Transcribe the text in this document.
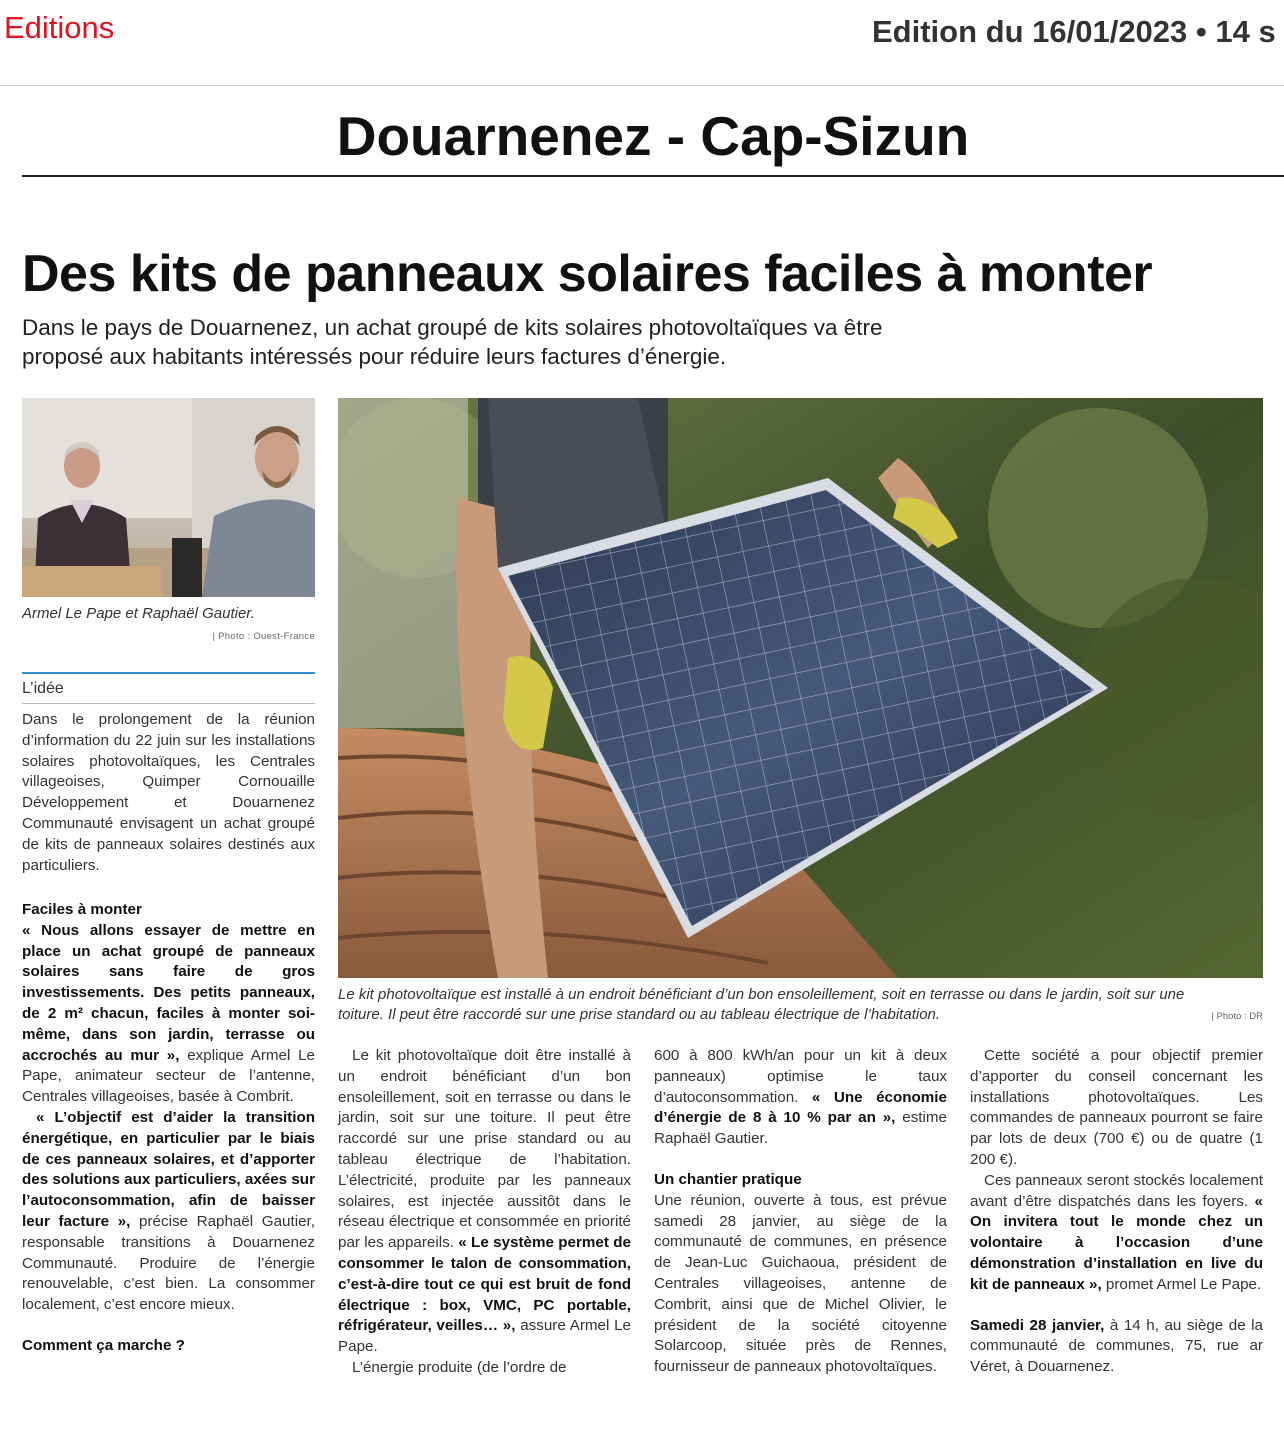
Editions	Edition du 16/01/2023 • 14 s
Douarnenez - Cap-Sizun
Des kits de panneaux solaires faciles à monter
Dans le pays de Douarnenez, un achat groupé de kits solaires photovoltaïques va être proposé aux habitants intéressés pour réduire leurs factures d’énergie.
Armel Le Pape et Raphaël Gautier.
| Photo : Ouest-France
L’idée

Dans le prolongement de la réunion d’information du 22 juin sur les installations solaires photovoltaïques, les Centrales villageoises, Quimper Cornouaille Développement et Douarnenez Communauté envisagent un achat groupé de kits de panneaux solaires destinés aux particuliers.

Faciles à monter

« Nous allons essayer de mettre en place un achat groupé de panneaux solaires sans faire de gros investissements. Des petits panneaux, de 2 m² chacun, faciles à monter soi-même, dans son jardin, terrasse ou accrochés au mur », explique Armel Le Pape, animateur secteur de l’antenne, Centrales villageoises, basée à Combrit.

« L’objectif est d’aider la transition énergétique, en particulier par le biais de ces panneaux solaires, et d’apporter des solutions aux particuliers, axées sur l’autoconsommation, afin de baisser leur facture », précise Raphaël Gautier, responsable transitions à Douarnenez Communauté. Produire de l’énergie renouvelable, c’est bien. La consommer localement, c’est encore mieux.

Comment ça marche ?

Le kit photovoltaïque est installé à un endroit bénéficiant d’un bon ensoleillement, soit en terrasse ou dans le jardin, soit sur une toiture. Il peut être raccordé sur une prise standard ou au tableau électrique de l’habitation.	| Photo : DR

Le kit photovoltaïque doit être installé à un endroit bénéficiant d’un bon ensoleillement, soit en terrasse ou dans le jardin, soit sur une toiture. Il peut être raccordé sur une prise standard ou au tableau électrique de l’habitation. L’électricité, produite par les panneaux solaires, est injectée aussitôt dans le réseau électrique et consommée en priorité par les appareils. « Le système permet de consommer le talon de consommation, c’est-à-dire tout ce qui est bruit de fond électrique : box, VMC, PC portable, réfrigérateur, veilles… », assure Armel Le Pape.

L’énergie produite (de l’ordre de

600 à 800 kWh/an pour un kit à deux panneaux) optimise le taux d’autoconsommation. « Une économie d’énergie de 8 à 10 % par an », estime Raphaël Gautier.

Un chantier pratique

Une réunion, ouverte à tous, est prévue samedi 28 janvier, au siège de la communauté de communes, en présence de Jean-Luc Guichaoua, président de Centrales villageoises, antenne de Combrit, ainsi que de Michel Olivier, le président de la société citoyenne Solarcoop, située près de Rennes, fournisseur de panneaux photovoltaïques.

Cette société a pour objectif premier d’apporter du conseil concernant les installations photovoltaïques. Les commandes de panneaux pourront se faire par lots de deux (700 €) ou de quatre (1 200 €).

Ces panneaux seront stockés localement avant d’être dispatchés dans les foyers. « On invitera tout le monde chez un volontaire à l’occasion d’une démonstration d’installation en live du kit de panneaux », promet Armel Le Pape.

Samedi 28 janvier, à 14 h, au siège de la communauté de communes, 75, rue ar Véret, à Douarnenez.
